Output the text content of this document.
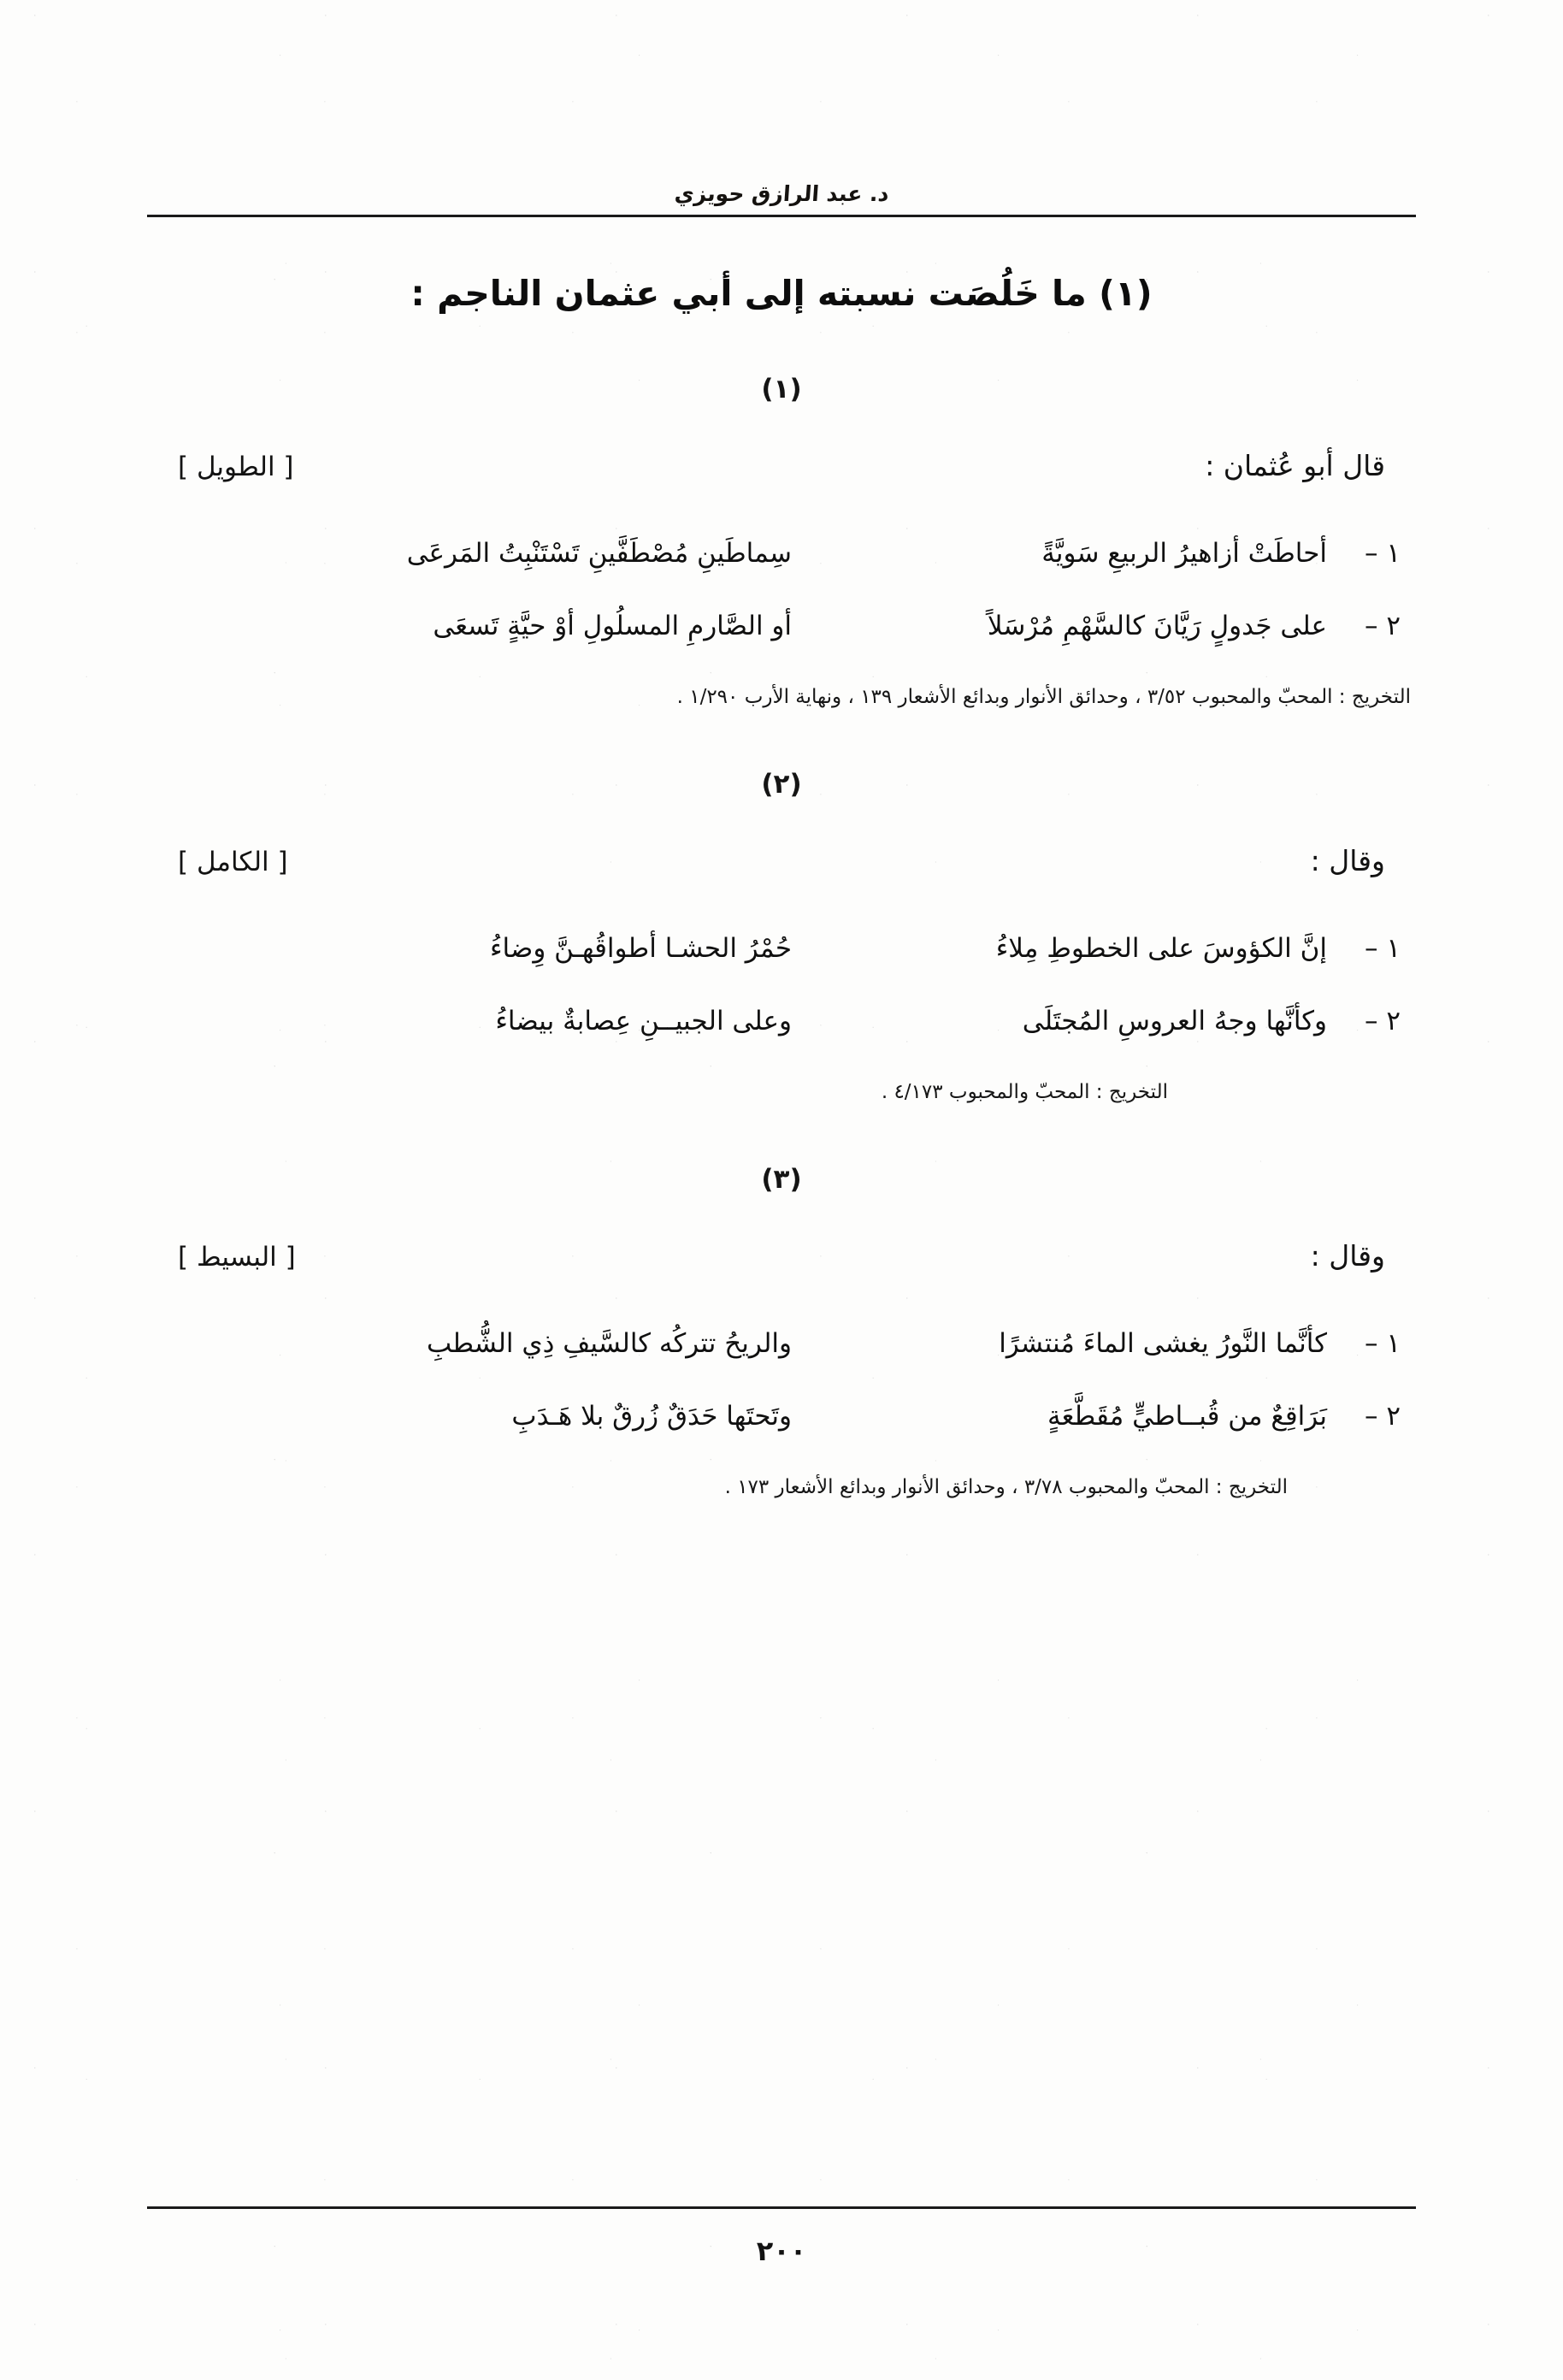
د. عبد الرازق حويزي
(١) ما خَلُصَت نسبته إلى أبي عثمان الناجم :
(١)
قال أبو عُثمان :
[ الطويل ]
١ –
أحاطَتْ أزاهيرُ الربيعِ سَويَّةً
سِماطَينِ مُصْطَفَّينِ تَسْتَنْبِتُ المَرعَى
٢ –
على جَدولٍ رَيَّانَ كالسَّهْمِ مُرْسَلاً
أو الصَّارمِ المسلُولِ أوْ حيَّةٍ تَسعَى
التخريج : المحبّ والمحبوب ٣/٥٢ ، وحدائق الأنوار وبدائع الأشعار ١٣٩ ، ونهاية الأرب ١/٢٩٠ .
(٢)
وقال :
[ الكامل ]
١ –
إنَّ الكؤوسَ على الخطوطِ مِلاءُ
حُمْرُ الحشـا أطواقُهـنَّ وِضاءُ
٢ –
وكأنَّها وجهُ العروسِ المُجتَلَى
وعلى الجبيــنِ عِصابةٌ بيضاءُ
التخريج : المحبّ والمحبوب ٤/١٧٣ .
(٣)
وقال :
[ البسيط ]
١ –
كأنَّما النَّورُ يغشى الماءَ مُنتشرًا
والريحُ تتركُه كالسَّيفِ ذِي الشُّطبِ
٢ –
بَرَاقِعٌ من قُبــاطيٍّ مُقَطَّعَةٍ
وتَحتَها حَدَقٌ زُرقٌ بلا هَـدَبِ
التخريج : المحبّ والمحبوب ٣/٧٨ ، وحدائق الأنوار وبدائع الأشعار ١٧٣ .
٢٠٠
